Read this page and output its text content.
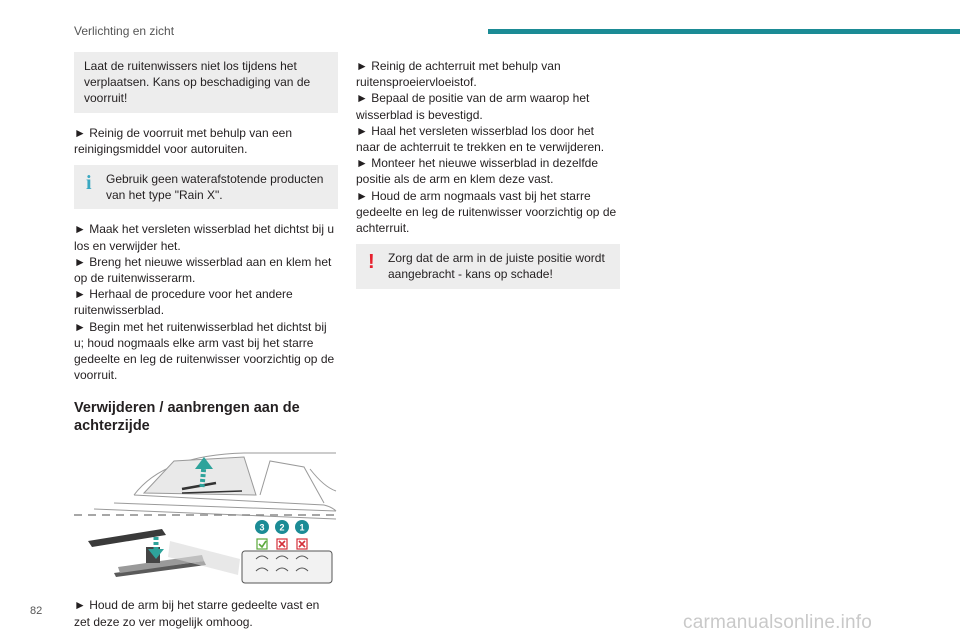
Verlichting en zicht

Laat de ruitenwissers niet los tijdens het verplaatsen. Kans op beschadiging van de voorruit!

► Reinig de voorruit met behulp van een reinigingsmiddel voor autoruiten.

i Gebruik geen waterafstotende producten van het type "Rain X".

► Maak het versleten wisserblad het dichtst bij u los en verwijder het.

► Breng het nieuwe wisserblad aan en klem het op de ruitenwisserarm.

► Herhaal de procedure voor het andere ruitenwisserblad.

► Begin met het ruitenwisserblad het dichtst bij u; houd nogmaals elke arm vast bij het starre gedeelte en leg de ruitenwisser voorzichtig op de voorruit.

Verwijderen / aanbrengen aan de achterzijde
3 2 1

► Houd de arm bij het starre gedeelte vast en zet deze zo ver mogelijk omhoog.

► Reinig de achterruit met behulp van ruitensproeiervloeistof.

► Bepaal de positie van de arm waarop het wisserblad is bevestigd.

► Haal het versleten wisserblad los door het naar de achterruit te trekken en te verwijderen.

► Monteer het nieuwe wisserblad in dezelfde positie als de arm en klem deze vast.

► Houd de arm nogmaals vast bij het starre gedeelte en leg de ruitenwisser voorzichtig op de achterruit.

! Zorg dat de arm in de juiste positie wordt aangebracht - kans op schade!

82
carmanualsonline.info
